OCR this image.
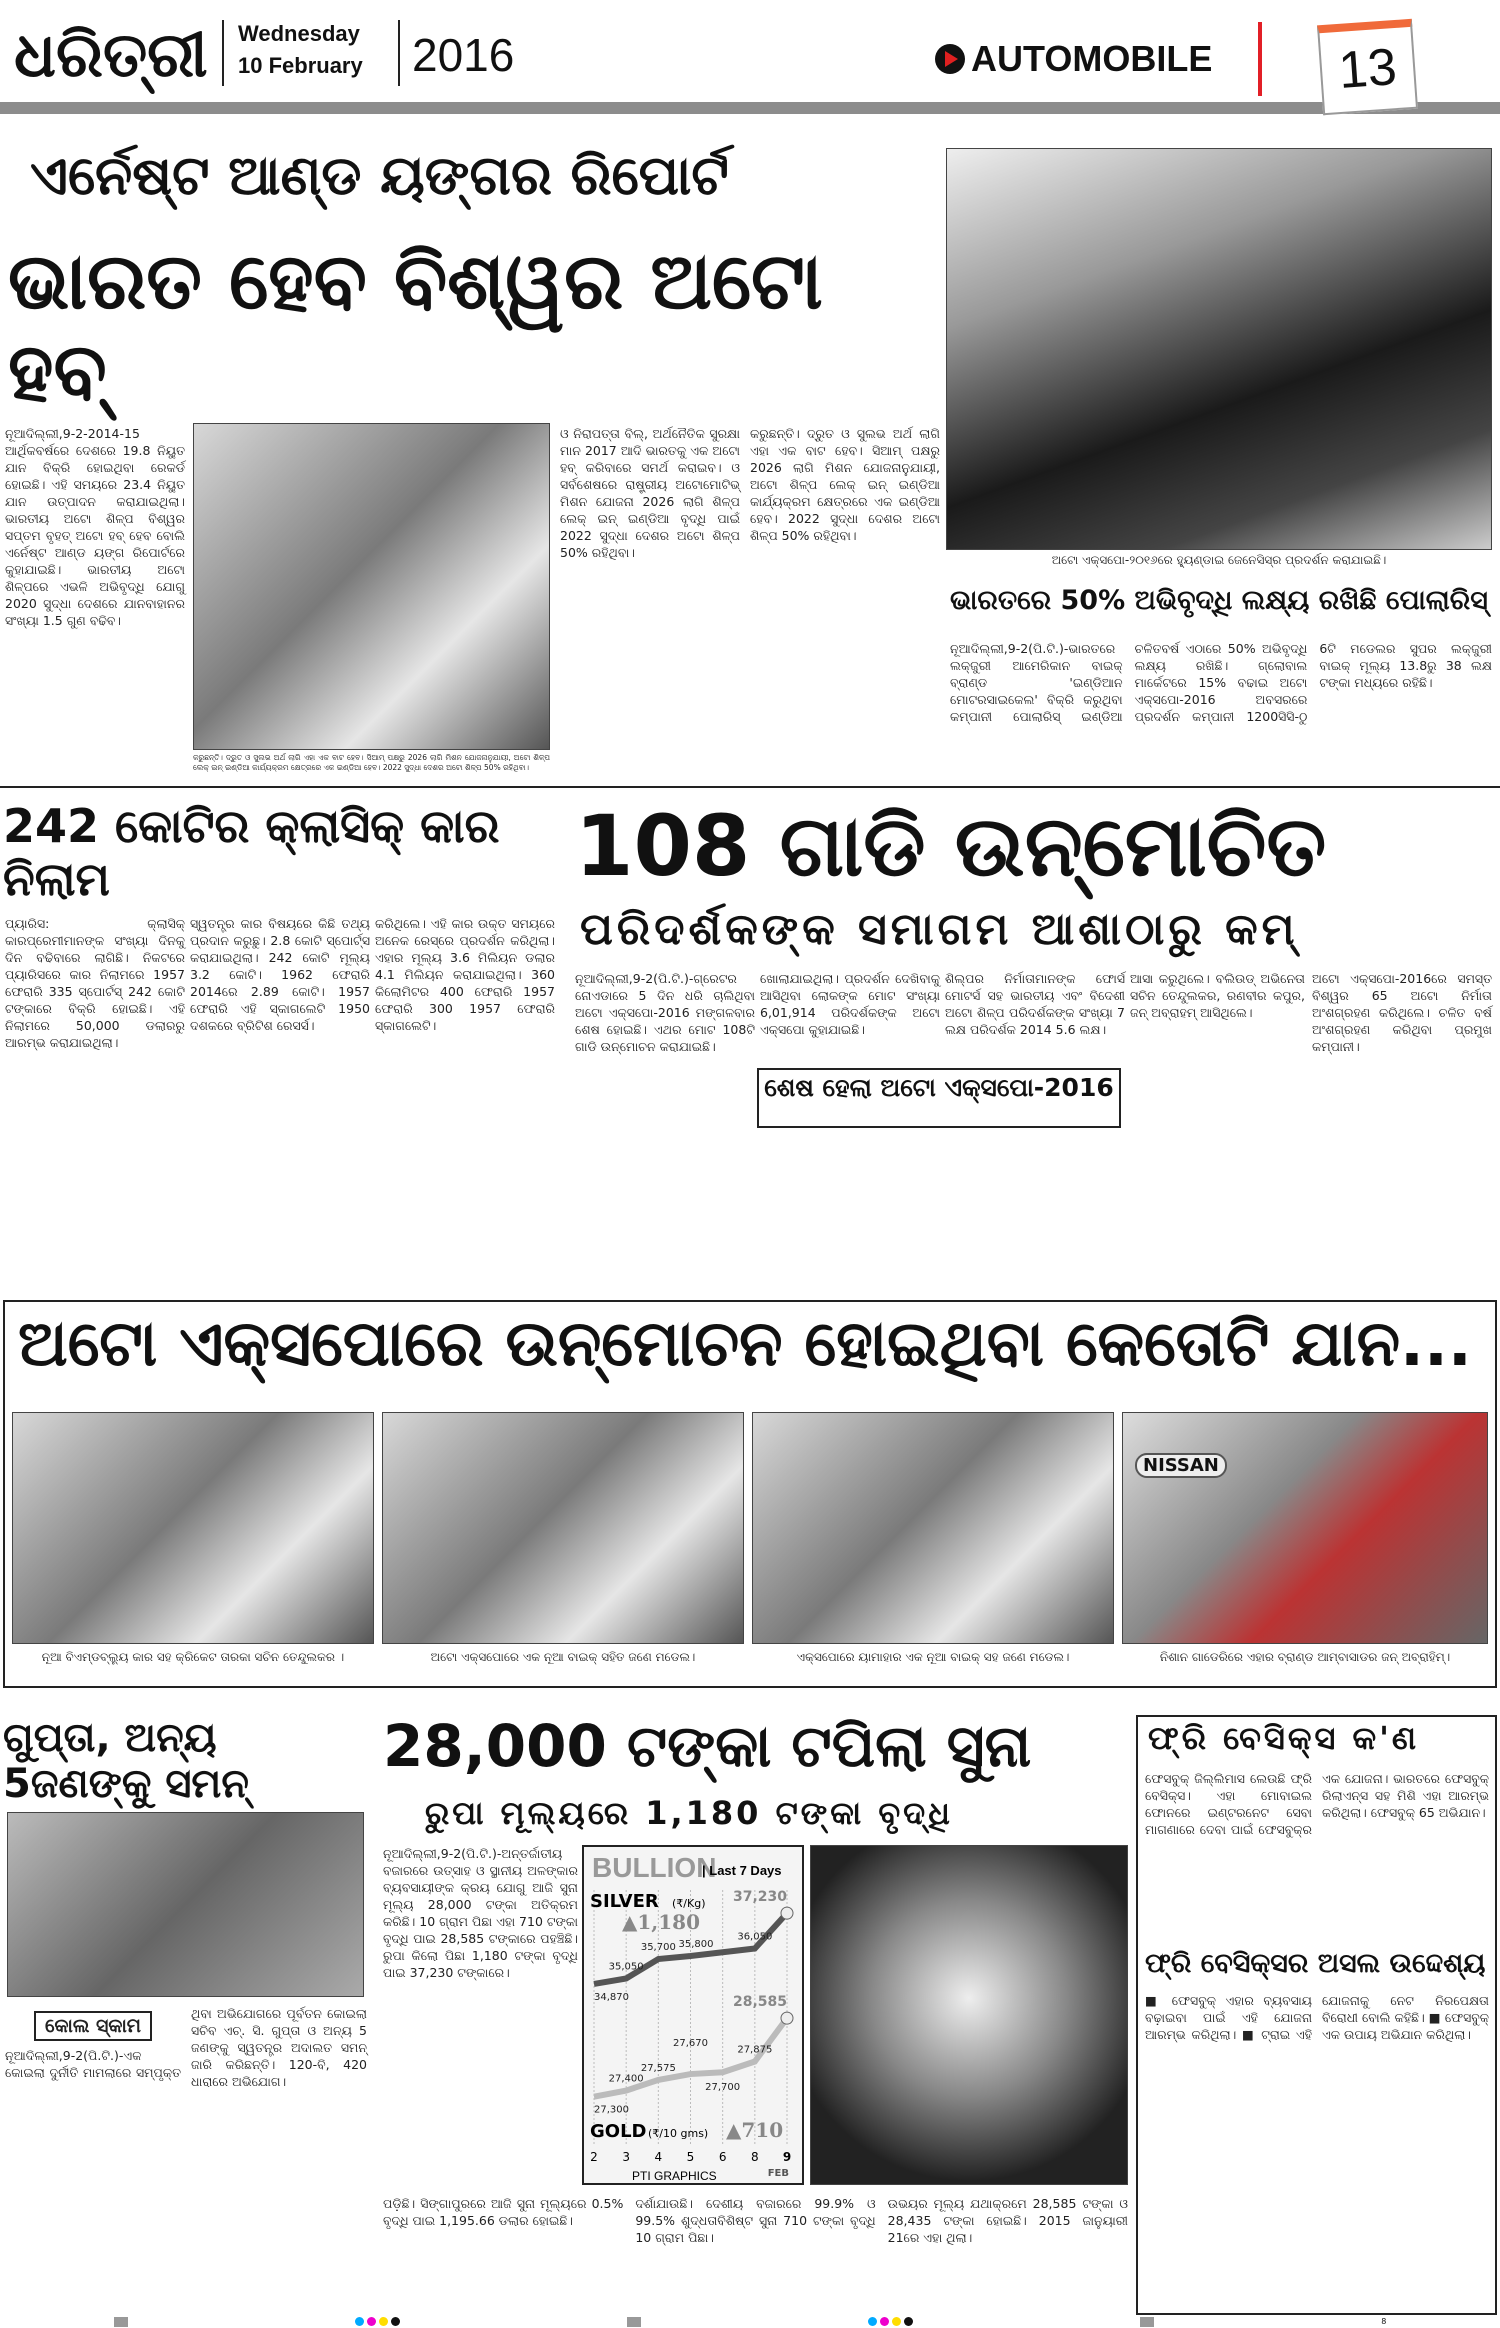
ଧରିତ୍ରୀ	Wednesday
10 February 2016	AUTOMOBILE	13
ଏର୍ନେଷ୍ଟ ଆଣ୍ଡ ୟଙ୍ଗର ରିପୋର୍ଟ
ଭାରତ ହେବ ବିଶ୍ୱର ଅଟୋ ହବ୍
ନୂଆଦିଲ୍ଲୀ,9-2-2014-15 ଆର୍ଥିକବର୍ଷରେ ଦେଶରେ 19.8 ନିୟୁତ ଯାନ ବିକ୍ରି ହୋଇଥିବା ରେକର୍ଡ ହୋଇଛି। ଏହି ସମୟରେ 23.4 ନିୟୁତ ଯାନ ଉତ୍ପାଦନ କରାଯାଇଥିଲା। ଭାରତୀୟ ଅଟୋ ଶିଳ୍ପ ବିଶ୍ୱର ସପ୍ତମ ବୃହତ୍ ଅଟୋ ହବ୍ ହେବ ବୋଲି ଏର୍ନେଷ୍ଟ ଆଣ୍ଡ ୟଙ୍ଗ ରିପୋର୍ଟରେ କୁହାଯାଇଛି। ଭାରତୀୟ ଅଟୋ ଶିଳ୍ପରେ ଏଭଳି ଅଭିବୃଦ୍ଧି ଯୋଗୁ 2020 ସୁଦ୍ଧା ଦେଶରେ ଯାନବାହାନର ସଂଖ୍ୟା 1.5 ଗୁଣ ବଢିବ।
କରୁଛନ୍ତି। ଦ୍ରୁତ ଓ ସୁଲଭ ଅର୍ଥ ଲାଗି ଏହା ଏକ ବାଟ ହେବ। ସିଆମ୍ ପକ୍ଷରୁ 2026 ଲାଗି ମିଶନ ଯୋଜନାନୁଯାୟୀ, ଅଟୋ ଶିଳ୍ପ ଲେକ୍ ଇନ୍ ଇଣ୍ଡିଆ କାର୍ଯ୍ୟକ୍ରମ କ୍ଷେତ୍ରରେ ଏକ ଇଣ୍ଡିଆ ହେବ। 2022 ସୁଦ୍ଧା ଦେଶର ଅଟୋ ଶିଳ୍ପ 50% ରହିଥିବା।
ଓ ନିରାପତ୍ତା ବିଲ୍, ଅର୍ଥନୈତିକ ସୁରକ୍ଷା ମାନ 2017 ଆଦି ଭାରତକୁ ଏକ ଅଟୋ ହବ୍ କରିବାରେ ସମର୍ଥ କରାଇବ। ଓ ସର୍ବଶେଷରେ ରାଷ୍ଟ୍ରୀୟ ଅଟୋମୋଟିଭ୍ ମିଶନ ଯୋଜନା 2026 ଲାଗି ଶିଳ୍ପ ଲେକ୍ ଇନ୍ ଇଣ୍ଡିଆ ବୃଦ୍ଧି ପାଇଁ 2022 ସୁଦ୍ଧା ଦେଶର ଅଟୋ ଶିଳ୍ପ 50% ରହିଥିବା।
କରୁଛନ୍ତି। ଦ୍ରୁତ ଓ ସୁଲଭ ଅର୍ଥ ଲାଗି ଏହା ଏକ ବାଟ ହେବ। ସିଆମ୍ ପକ୍ଷରୁ 2026 ଲାଗି ମିଶନ ଯୋଜନାନୁଯାୟୀ, ଅଟୋ ଶିଳ୍ପ ଲେକ୍ ଇନ୍ ଇଣ୍ଡିଆ କାର୍ଯ୍ୟକ୍ରମ କ୍ଷେତ୍ରରେ ଏକ ଇଣ୍ଡିଆ ହେବ। 2022 ସୁଦ୍ଧା ଦେଶର ଅଟୋ ଶିଳ୍ପ 50% ରହିଥିବା।
ଅଟୋ ଏକ୍ସପୋ-୨୦୧୬ରେ ହ୍ୟୁଣ୍ଡାଇ ଜେନେସିସ୍‌ର ପ୍ରଦର୍ଶନ କରାଯାଇଛି।
ଭାରତରେ 50% ଅଭିବୃଦ୍ଧି ଲକ୍ଷ୍ୟ ରଖିଛି ପୋଲାରିସ୍
ନୂଆଦିଲ୍ଲୀ,9-2(ପି.ଟି.)-ଭାରତରେ ଲକ୍ଜୁରୀ ଆମେରିକାନ ବାଇକ୍ ବ୍ରାଣ୍ଡ 'ଇଣ୍ଡିଆନ ମୋଟରସାଇକେଲ' ବିକ୍ରି କରୁଥିବା କମ୍ପାନୀ ପୋଲାରିସ୍ ଇଣ୍ଡିଆ ଚଳିତବର୍ଷ ଏଠାରେ 50% ଅଭିବୃଦ୍ଧି ଲକ୍ଷ୍ୟ ରଖିଛି। ଗ୍ଲୋବାଲ ମାର୍କେଟରେ 15% ବଢାଇ ଅଟୋ ଏକ୍ସପୋ-2016 ଅବସରରେ ପ୍ରଦର୍ଶନ କମ୍ପାନୀ 1200ସିସି-ଠୁ 6ଟି ମଡେଲର ସୁପର ଲକ୍ଜୁରୀ ବାଇକ୍ ମୂଲ୍ୟ 13.8ରୁ 38 ଲକ୍ଷ ଟଙ୍କା ମଧ୍ୟରେ ରହିଛି।
242 କୋଟିର କ୍ଲାସିକ୍ କାର ନିଲାମ
ପ୍ୟାରିସ: କ୍ଲାସିକ୍ କାରପ୍ରେମୀମାନଙ୍କ ସଂଖ୍ୟା ଦିନକୁ ଦିନ ବଢିବାରେ ଲାଗିଛି। ନିକଟରେ ପ୍ୟାରିସରେ କାର ନିଲାମରେ 1957 ଫେରାରି 335 ସ୍ପୋର୍ଟସ୍ 242 କୋଟି ଟଙ୍କାରେ ବିକ୍ରି ହୋଇଛି। ଏହି ନିଲାମରେ 50,000 ଡଲାରରୁ ଆରମ୍ଭ କରାଯାଇଥିଲା।
ସ୍ୱତନ୍ତ୍ର କାର ବିଷୟରେ କିଛି ତଥ୍ୟ ପ୍ରଦାନ କରୁଛୁ। 2.8 କୋଟି ସ୍ପୋର୍ଟ୍ସ କରାଯାଇଥିଲା। 242 କୋଟି ମୂଲ୍ୟ 3.2 କୋଟି। 1962 ଫେରାରି 2014ରେ 2.89 କୋଟି। 1957 ଫେରାରି ଏହି ସ୍କାଗଲେଟି 1950 ଦଶକରେ ବ୍ରିଟିଶ ରେସର୍ସ।
କରିଥିଲେ। ଏହି କାର ଉକ୍ତ ସମୟରେ ଅନେକ ରେସ୍‌ରେ ପ୍ରଦର୍ଶନ କରିଥିଲା। ଏହାର ମୂଲ୍ୟ 3.6 ମିଲିୟନ ଡଲାର 4.1 ମିଲିୟନ କରାଯାଇଥିଲା। 360 କିଲୋମିଟର 400 ଫେରାରି 1957 ଫେରାରି 300 1957 ଫେରାରି ସ୍କାଗଲେଟି।
108 ଗାଡି ଉନ୍ମୋଚିତ
ପରିଦର୍ଶକଙ୍କ ସମାଗମ ଆଶାଠାରୁ କମ୍
ନୂଆଦିଲ୍ଲୀ,9-2(ପି.ଟି.)-ଗ୍ରେଟର ନୋଏଡାରେ 5 ଦିନ ଧରି ଚାଲିଥିବା ଅଟୋ ଏକ୍ସପୋ-2016 ମଙ୍ଗଳବାର ଶେଷ ହୋଇଛି। ଏଥର ମୋଟ 108ଟି ଗାଡି ଉନ୍ମୋଚନ କରାଯାଇଛି।
ଶେଷ ହେଲା ଅଟୋ ଏକ୍ସପୋ-2016
ଖୋଲାଯାଇଥିଲା। ପ୍ରଦର୍ଶନ ଦେଖିବାକୁ ଆସିଥିବା ଲୋକଙ୍କ ମୋଟ ସଂଖ୍ୟା 6,01,914 ପରିଦର୍ଶକଙ୍କ ଅଟୋ ଏକ୍ସପୋ କୁହାଯାଇଛି।
ଶିଲ୍ପର ନିର୍ମାତାମାନଙ୍କ ଫୋର୍ସ ମୋଟର୍ସ ସହ ଭାରତୀୟ ଏବଂ ବିଦେଶୀ ଅଟୋ ଶିଳ୍ପ ପରିଦର୍ଶକଙ୍କ ସଂଖ୍ୟା 7 ଲକ୍ଷ ପରିଦର୍ଶକ 2014 5.6 ଲକ୍ଷ।
ଆସା କରୁଥିଲେ। ବଲିଉଡ୍ ଅଭିନେତା ସଚିନ ତେନ୍ଦୁଲକର, ରଣବୀର କପୁର, ଜନ୍ ଅବ୍ରାହମ୍ ଆସିଥିଲେ।
ଅଟୋ ଏକ୍ସପୋ-2016ରେ ସମସ୍ତ ବିଶ୍ୱର 65 ଅଟୋ ନିର୍ମାତା ଅଂଶଗ୍ରହଣ କରିଥିଲେ। ଚଳିତ ବର୍ଷ ଅଂଶଗ୍ରହଣ କରିଥିବା ପ୍ରମୁଖ କମ୍ପାନୀ।
ଅଟୋ ଏକ୍ସପୋରେ ଉନ୍ମୋଚନ ହୋଇଥିବା କେତୋଟି ଯାନ...
NISSAN
ନୂଆ ବିଏମ୍‌ଡବ୍ଲ୍ୟୁ କାର ସହ କ୍ରିକେଟ ତାରକା ସଚିନ ତେନ୍ଦୁଲକର ।	ଅଟୋ ଏକ୍ସପୋରେ ଏକ ନୂଆ ବାଇକ୍ ସହିତ ଜଣେ ମଡେଲ।	ଏକ୍ସପୋରେ ୟାମାହାର ଏକ ନୂଆ ବାଇକ୍ ସହ ଜଣେ ମଡେଲ।	ନିଶାନ ଗାଡେରିରେ ଏହାର ବ୍ରାଣ୍ଡ ଆମ୍ବାସାଡର ଜନ୍ ଅବ୍ରାହିମ୍।
ଗୁପ୍ତା, ଅନ୍ୟ 5ଜଣଙ୍କୁ ସମନ୍
କୋଲ ସ୍କାମ
ନୂଆଦିଲ୍ଲୀ,9-2(ପି.ଟି.)-ଏକ କୋଇଲା ଦୁର୍ନୀତି ମାମଲାରେ ସମ୍ପୃକ୍ତ ଥିବା ଅଭିଯୋଗରେ ପୂର୍ବତନ କୋଇଲା ସଚିବ ଏଚ୍. ସି. ଗୁପ୍ତା ଓ ଅନ୍ୟ 5 ଜଣଙ୍କୁ ସ୍ୱତନ୍ତ୍ର ଅଦାଲତ ସମନ୍ ଜାରି କରିଛନ୍ତି। 120-ବି, 420 ଧାରାରେ ଅଭିଯୋଗ।
28,000 ଟଙ୍କା ଟପିଲା ସୁନା
ରୁପା ମୂଲ୍ୟରେ 1,180 ଟଙ୍କା ବୃଦ୍ଧି
ନୂଆଦିଲ୍ଲୀ,9-2(ପି.ଟି.)-ଅନ୍ତର୍ଜାତୀୟ ବଜାରରେ ଉତ୍ସାହ ଓ ସ୍ଥାନୀୟ ଅଳଙ୍କାର ବ୍ୟବସାୟୀଙ୍କ କ୍ରୟ ଯୋଗୁ ଆଜି ସୁନା ମୂଲ୍ୟ 28,000 ଟଙ୍କା ଅତିକ୍ରମ କରିଛି। 10 ଗ୍ରାମ ପିଛା ଏହା 710 ଟଙ୍କା ବୃଦ୍ଧି ପାଇ 28,585 ଟଙ୍କାରେ ପହଞ୍ଚିଛି। ରୁପା କିଲୋ ପିଛା 1,180 ଟଙ୍କା ବୃଦ୍ଧି ପାଇ 37,230 ଟଙ୍କାରେ।
BULLION
| Last 7 Days
2 3 4 5 6 8 9
FEB
PTI GRAPHICS
34,870
35,050
35,700 35,800
36,050
37,230
SILVER (₹/Kg)
▲1,180
27,300
27,400
27,575
27,670
27,700
27,875
28,585
GOLD (₹/10 gms) ▲710
ପଡ଼ିଛି। ସିଙ୍ଗାପୁରରେ ଆଜି ସୁନା ମୂଲ୍ୟରେ 0.5% ବୃଦ୍ଧି ପାଇ 1,195.66 ଡଲାର ହୋଇଛି।
ଦର୍ଶାଯାଉଛି। ଦେଶୀୟ ବଜାରରେ 99.9% ଓ 99.5% ଶୁଦ୍ଧତାବିଶିଷ୍ଟ ସୁନା 710 ଟଙ୍କା ବୃଦ୍ଧି 10 ଗ୍ରାମ ପିଛା।
ଉଭୟର ମୂଲ୍ୟ ଯଥାକ୍ରମେ 28,585 ଟଙ୍କା ଓ 28,435 ଟଙ୍କା ହୋଇଛି। 2015 ଜାନୁୟାରୀ 21ରେ ଏହା ଥିଲା।
ଫ୍ରି ବେସିକ୍ସ କ'ଣ
ଫେସବୁକ୍ ଜିଲ୍ଲିମାସ ଲେଉଛି ଫ୍ରି ବେସିକ୍ସ। ଏହା ମୋବାଇଲ ଫୋନରେ ଇଣ୍ଟରନେଟ ସେବା ମାଗଣାରେ ଦେବା ପାଇଁ ଫେସବୁକ୍‌ର ଏକ ଯୋଜନା। ଭାରତରେ ଫେସବୁକ୍ ରିଲାଏନ୍ସ ସହ ମିଶି ଏହା ଆରମ୍ଭ କରିଥିଲା। ଫେସବୁକ୍ 65 ଅଭିଯାନ।
ଫ୍ରି ବେସିକ୍ସର ଅସଲ ଉଦ୍ଦେଶ୍ୟ
■ ଫେସବୁକ୍ ଏହାର ବ୍ୟବସାୟ ବଢ଼ାଇବା ପାଇଁ ଏହି ଯୋଜନା ଆରମ୍ଭ କରିଥିଲା। ■ ଟ୍ରାଇ ଏହି ଯୋଜନାକୁ ନେଟ ନିରପେକ୍ଷତା ବିରୋଧୀ ବୋଲି କହିଛି। ■ ଫେସବୁକ୍ ଏକ ଉପାୟ ଅଭିଯାନ କରିଥିଲା।
8
